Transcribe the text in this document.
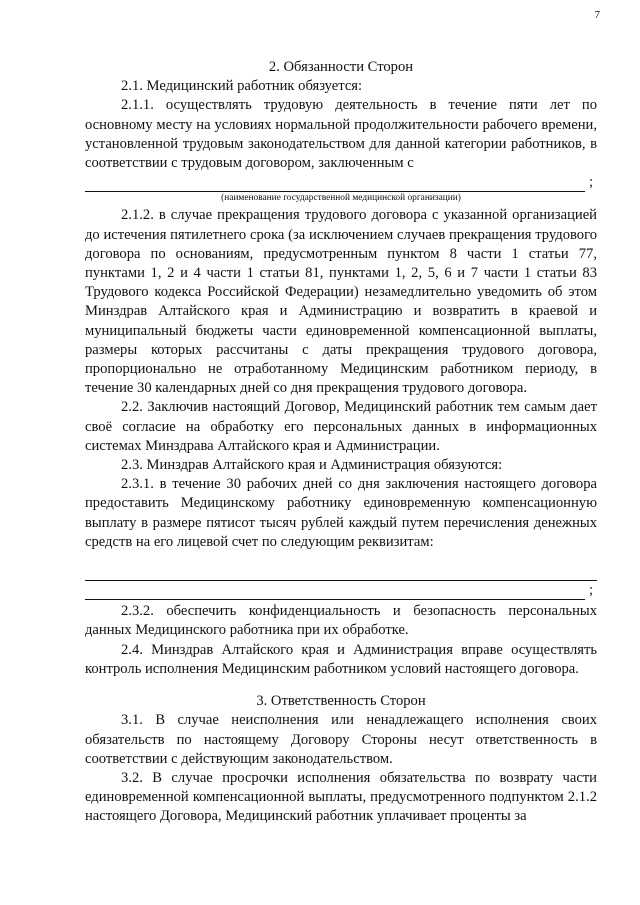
7
2. Обязанности Сторон

2.1. Медицинский работник обязуется:

2.1.1. осуществлять трудовую деятельность в течение пяти лет по основному месту на условиях нормальной продолжительности рабочего времени, установленной трудовым законодательством для данной категории работников, в соответствии с трудовым договором, заключенным с

;
(наименование государственной медицинской организации)

2.1.2. в случае прекращения трудового договора с указанной организацией до истечения пятилетнего срока (за исключением случаев прекращения трудового договора по основаниям, предусмотренным пунктом 8 части 1 статьи 77, пунктами 1, 2 и 4 части 1 статьи 81, пунктами 1, 2, 5, 6 и 7 части 1 статьи 83 Трудового кодекса Российской Федерации) незамедлительно уведомить об этом Минздрав Алтайского края и Администрацию и возвратить в краевой и муниципальный бюджеты части единовременной компенсационной выплаты, размеры которых рассчитаны с даты прекращения трудового договора, пропорционально не отработанному Медицинским работником периоду, в течение 30 календарных дней со дня прекращения трудового договора.

2.2. Заключив настоящий Договор, Медицинский работник тем самым дает своё согласие на обработку его персональных данных в информационных системах Минздрава Алтайского края и Администрации.

2.3. Минздрав Алтайского края и Администрация обязуются:

2.3.1. в течение 30 рабочих дней со дня заключения настоящего договора предоставить Медицинскому работнику единовременную компенсационную выплату в размере пятисот тысяч рублей каждый путем перечисления денежных средств на его лицевой счет по следующим реквизитам:

;

2.3.2. обеспечить конфиденциальность и безопасность персональных данных Медицинского работника при их обработке.

2.4. Минздрав Алтайского края и Администрация вправе осуществлять контроль исполнения Медицинским работником условий настоящего договора.

3. Ответственность Сторон

3.1. В случае неисполнения или ненадлежащего исполнения своих обязательств по настоящему Договору Стороны несут ответственность в соответствии с действующим законодательством.

3.2. В случае просрочки исполнения обязательства по возврату части единовременной компенсационной выплаты, предусмотренного подпунктом 2.1.2 настоящего Договора, Медицинский работник уплачивает проценты за
